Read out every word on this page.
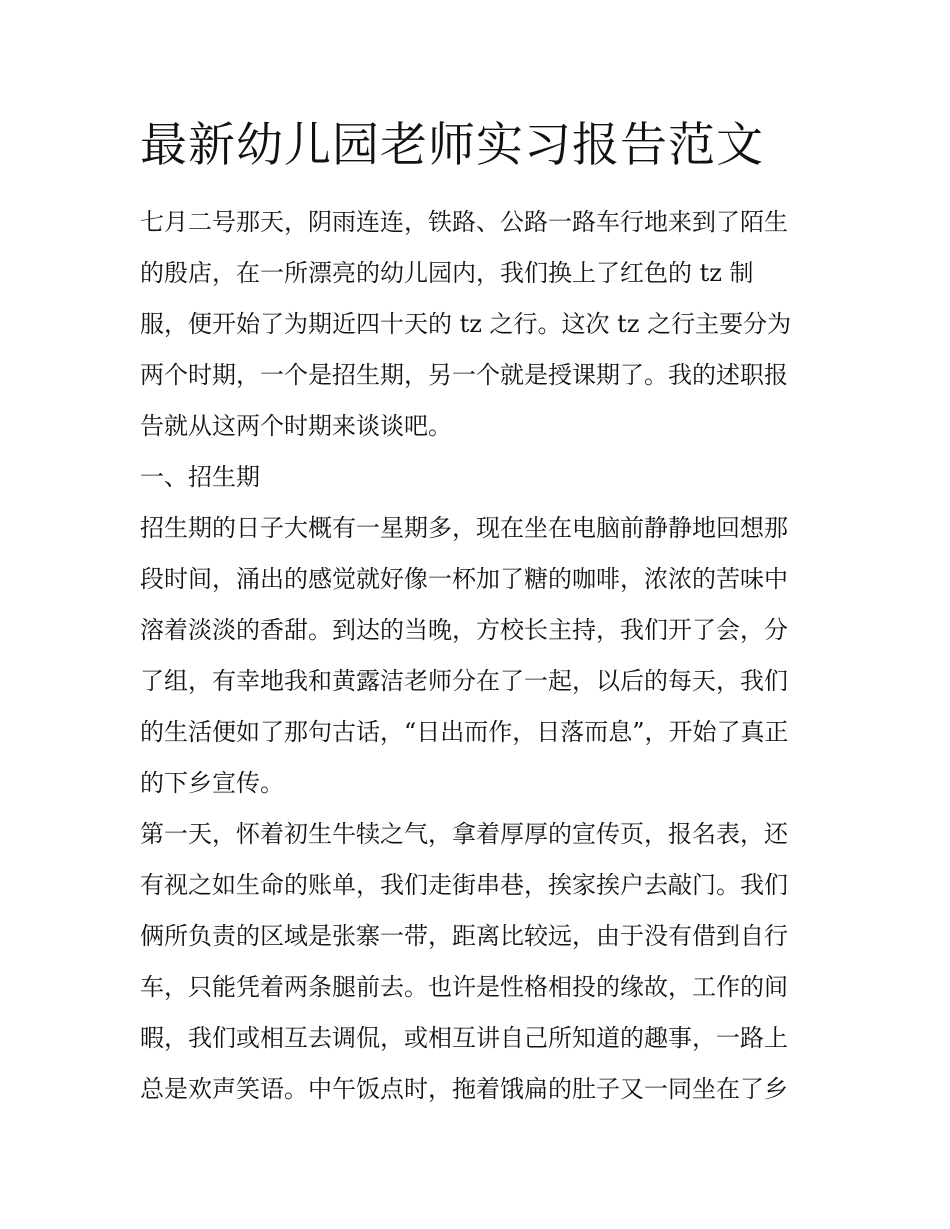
最新幼儿园老师实习报告范文

七月二号那天，阴雨连连，铁路、公路一路车行地来到了陌生

的殷店，在一所漂亮的幼儿园内，我们换上了红色的 tz 制

服，便开始了为期近四十天的 tz 之行。这次 tz 之行主要分为

两个时期，一个是招生期，另一个就是授课期了。我的述职报

告就从这两个时期来谈谈吧。

一、招生期

招生期的日子大概有一星期多，现在坐在电脑前静静地回想那

段时间，涌出的感觉就好像一杯加了糖的咖啡，浓浓的苦味中

溶着淡淡的香甜。到达的当晚，方校长主持，我们开了会，分

了组，有幸地我和黄露洁老师分在了一起，以后的每天，我们

的生活便如了那句古话，“日出而作，日落而息”，开始了真正

的下乡宣传。

第一天，怀着初生牛犊之气，拿着厚厚的宣传页，报名表，还

有视之如生命的账单，我们走街串巷，挨家挨户去敲门。我们

俩所负责的区域是张寨一带，距离比较远，由于没有借到自行

车，只能凭着两条腿前去。也许是性格相投的缘故，工作的间

暇，我们或相互去调侃，或相互讲自己所知道的趣事，一路上

总是欢声笑语。中午饭点时，拖着饿扁的肚子又一同坐在了乡
